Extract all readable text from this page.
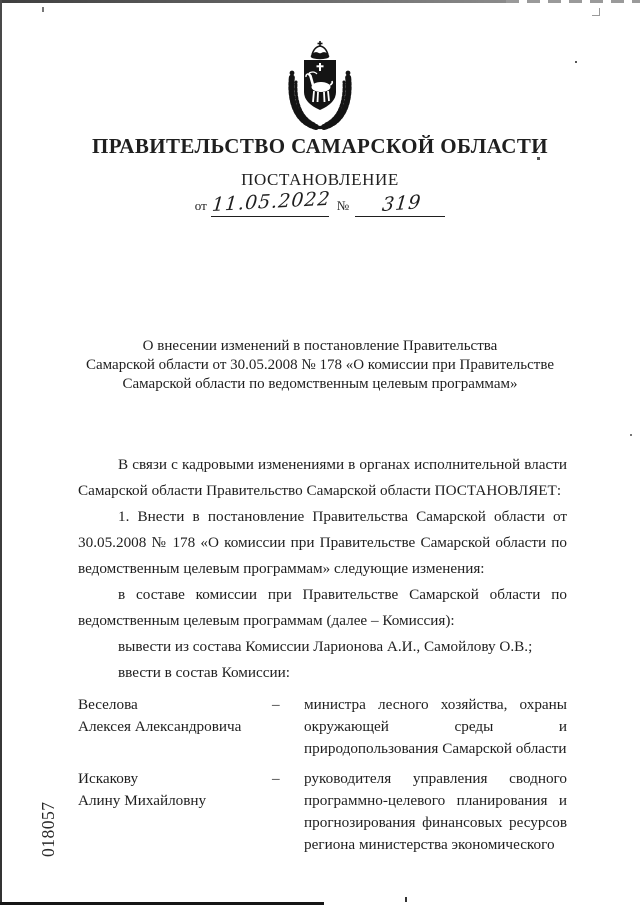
ПРАВИТЕЛЬСТВО САМАРСКОЙ ОБЛАСТИ
ПОСТАНОВЛЕНИЕ
от 11.05.2022 №	319
О внесении изменений в постановление Правительства
Самарской области от 30.05.2008 № 178 «О комиссии при Правительстве
Самарской области по ведомственным целевым программам»

В связи с кадровыми изменениями в органах исполнительной власти Самарской области Правительство Самарской области ПОСТАНОВЛЯЕТ:

1. Внести в постановление Правительства Самарской области от 30.05.2008 № 178 «О комиссии при Правительстве Самарской области по ведомственным целевым программам» следующие изменения:

в составе комиссии при Правительстве Самарской области по ведомственным целевым программам (далее – Комиссия):

вывести из состава Комиссии Ларионова А.И., Самойлову О.В.;

ввести в состав Комиссии:

Веселова
Алексея Александровича
–	министра лесного хозяйства, охраны окружающей среды и природопользования Самарской области
Искакову
Алину Михайловну
–	руководителя управления сводного программно-целевого планирования и прогнозирования финансовых ресурсов региона министерства экономического
018057
